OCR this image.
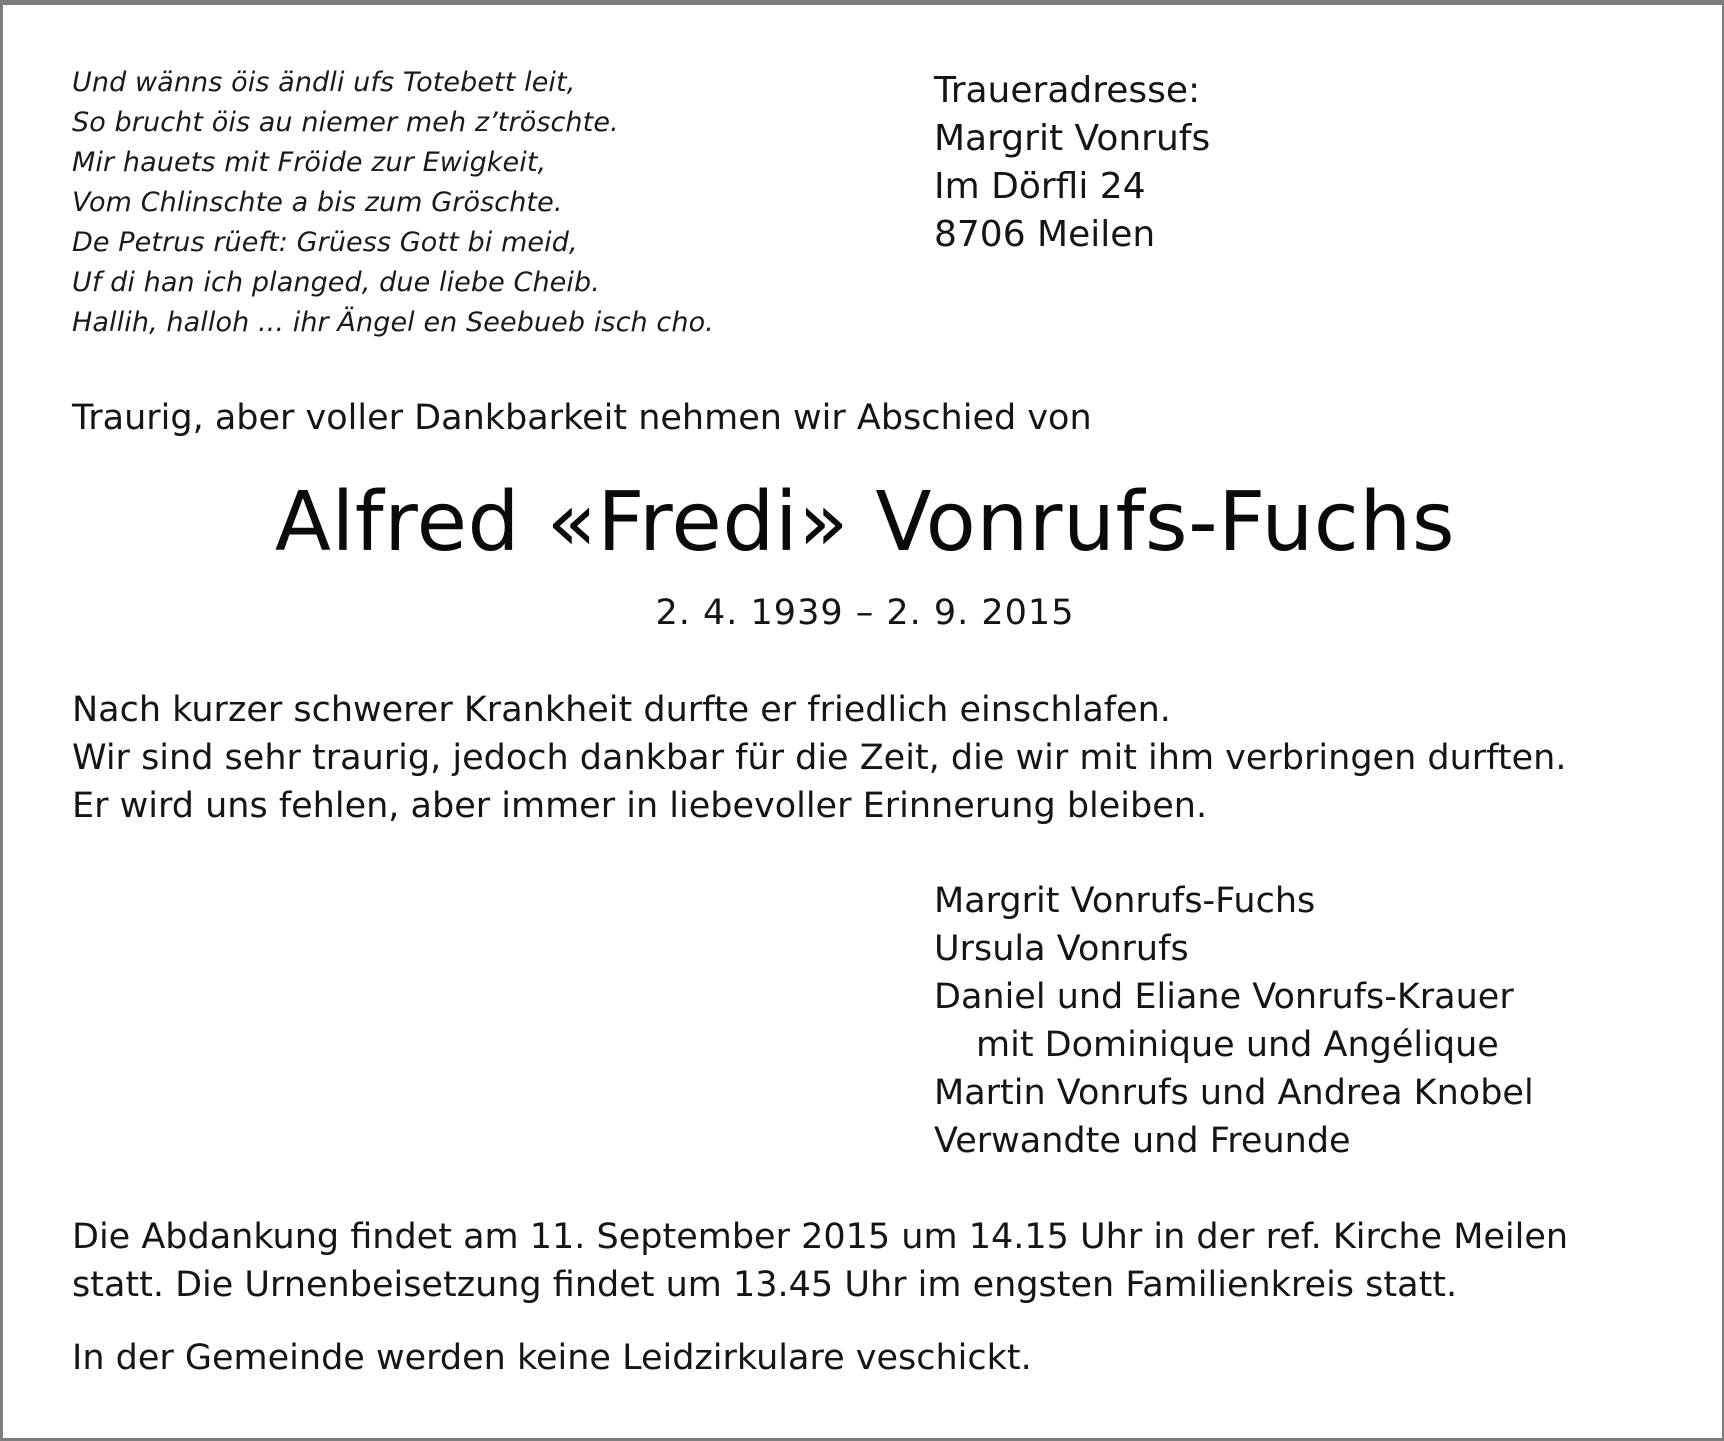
Und wänns öis ändli ufs Totebett leit,
So brucht öis au niemer meh z’tröschte.
Mir hauets mit Fröide zur Ewigkeit,
Vom Chlinschte a bis zum Gröschte.
De Petrus rüeft: Grüess Gott bi meid,
Uf di han ich planged, due liebe Cheib.
Hallih, halloh ... ihr Ängel en Seebueb isch cho.
Traueradresse:
Margrit Vonrufs
Im Dörfli 24
8706 Meilen
Traurig, aber voller Dankbarkeit nehmen wir Abschied von
Alfred «Fredi» Vonrufs-Fuchs
2. 4. 1939 – 2. 9. 2015
Nach kurzer schwerer Krankheit durfte er friedlich einschlafen.
Wir sind sehr traurig, jedoch dankbar für die Zeit, die wir mit ihm verbringen durften.
Er wird uns fehlen, aber immer in liebevoller Erinnerung bleiben.
Margrit Vonrufs-Fuchs
Ursula Vonrufs
Daniel und Eliane Vonrufs-Krauer
mit Dominique und Angélique
Martin Vonrufs und Andrea Knobel
Verwandte und Freunde
Die Abdankung findet am 11. September 2015 um 14.15 Uhr in der ref. Kirche Meilen
statt. Die Urnenbeisetzung findet um 13.45 Uhr im engsten Familienkreis statt.
In der Gemeinde werden keine Leidzirkulare veschickt.
